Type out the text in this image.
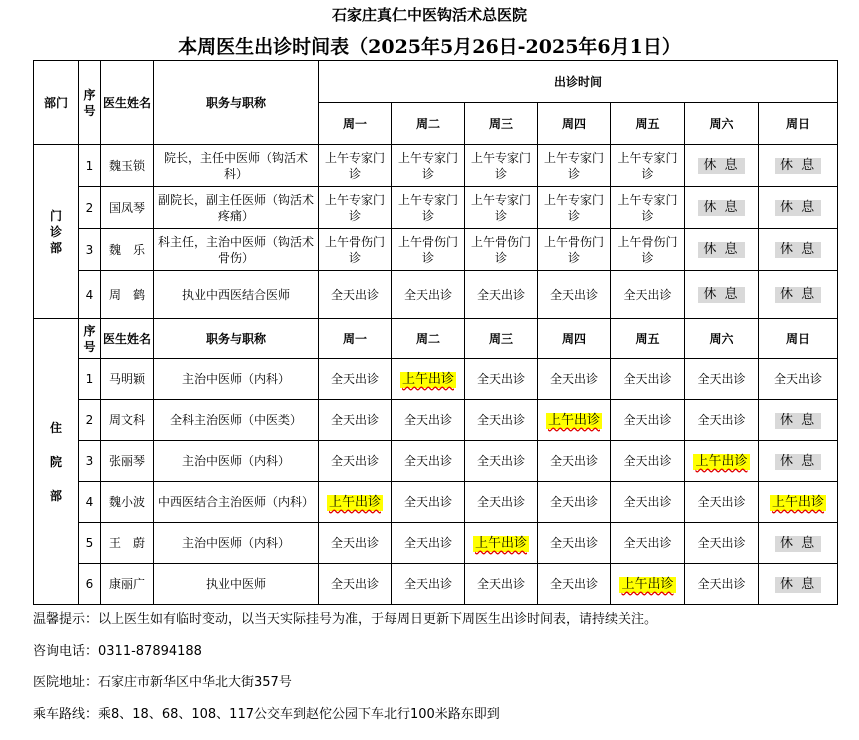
石家庄真仁中医钩活术总医院
本周医生出诊时间表（2025年5月26日-2025年6月1日）
部门	序号	医生姓名	职务与职称	出诊时间						
				周一	周二	周三	周四	周五	周六	周日

门
诊
部	1	魏玉锁	院长，主任中医师（钩活术科）	上午专家门诊	上午专家门诊	上午专家门诊	上午专家门诊	上午专家门诊	休 息	休 息
	2	国凤琴	副院长，副主任医师（钩活术 疼痛）	上午专家门诊	上午专家门诊	上午专家门诊	上午专家门诊	上午专家门诊	休 息	休 息
	3	魏　乐	科主任，主治中医师（钩活术骨伤）	上午骨伤门诊	上午骨伤门诊	上午骨伤门诊	上午骨伤门诊	上午骨伤门诊	休 息	休 息
	4	周　鹤	执业中西医结合医师	全天出诊	全天出诊	全天出诊	全天出诊	全天出诊	休 息	休 息

住
院
部	序号	医生姓名	职务与职称	周一	周二	周三	周四	周五	周六	周日
	1	马明颖	主治中医师（内科）	全天出诊	上午出诊	全天出诊	全天出诊	全天出诊	全天出诊	全天出诊
	2	周文科	全科主治医师（中医类）	全天出诊	全天出诊	全天出诊	上午出诊	全天出诊	全天出诊	休 息
	3	张丽琴	主治中医师（内科）	全天出诊	全天出诊	全天出诊	全天出诊	全天出诊	上午出诊	休 息
	4	魏小波	中西医结合主治医师（内科）	上午出诊	全天出诊	全天出诊	全天出诊	全天出诊	全天出诊	上午出诊
	5	王　蔚	主治中医师（内科）	全天出诊	全天出诊	上午出诊	全天出诊	全天出诊	全天出诊	休 息
	6	康丽广	执业中医师	全天出诊	全天出诊	全天出诊	全天出诊	上午出诊	全天出诊	休 息
温馨提示：以上医生如有临时变动，以当天实际挂号为准，于每周日更新下周医生出诊时间表，请持续关注。
咨询电话：0311-87894188
医院地址：石家庄市新华区中华北大街357号
乘车路线：乘8、18、68、108、117公交车到赵佗公园下车北行100米路东即到
